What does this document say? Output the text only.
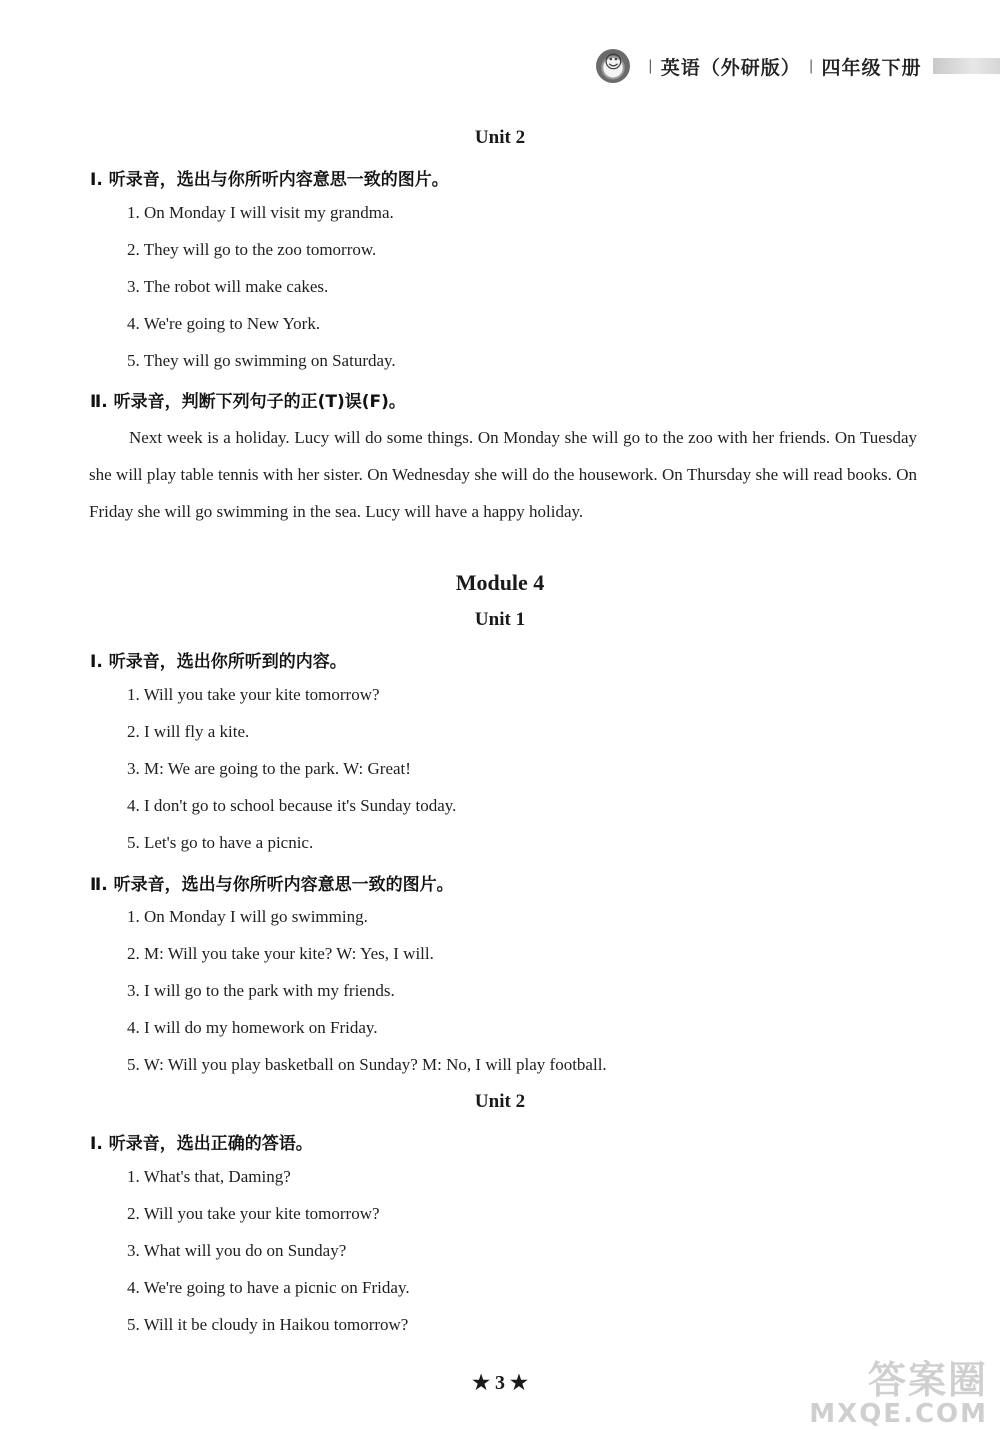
☺
| 英语（外研版） | 四年级下册
Unit 2
Ⅰ. 听录音，选出与你所听内容意思一致的图片。
1. On Monday I will visit my grandma.
2. They will go to the zoo tomorrow.
3. The robot will make cakes.
4. We're going to New York.
5. They will go swimming on Saturday.
Ⅱ. 听录音，判断下列句子的正(T)误(F)。

Next week is a holiday. Lucy will do some things. On Monday she will go to the zoo with her friends. On Tuesday she will play table tennis with her sister. On Wednesday she will do the housework. On Thursday she will read books. On Friday she will go swimming in the sea. Lucy will have a happy holiday.

Module 4
Unit 1
Ⅰ. 听录音，选出你所听到的内容。
1. Will you take your kite tomorrow?
2. I will fly a kite.
3. M: We are going to the park. W: Great!
4. I don't go to school because it's Sunday today.
5. Let's go to have a picnic.
Ⅱ. 听录音，选出与你所听内容意思一致的图片。
1. On Monday I will go swimming.
2. M: Will you take your kite? W: Yes, I will.
3. I will go to the park with my friends.
4. I will do my homework on Friday.
5. W: Will you play basketball on Sunday? M: No, I will play football.
Unit 2
Ⅰ. 听录音，选出正确的答语。
1. What's that, Daming?
2. Will you take your kite tomorrow?
3. What will you do on Sunday?
4. We're going to have a picnic on Friday.
5. Will it be cloudy in Haikou tomorrow?
★ 3 ★	答案圈
MXQE.COM
